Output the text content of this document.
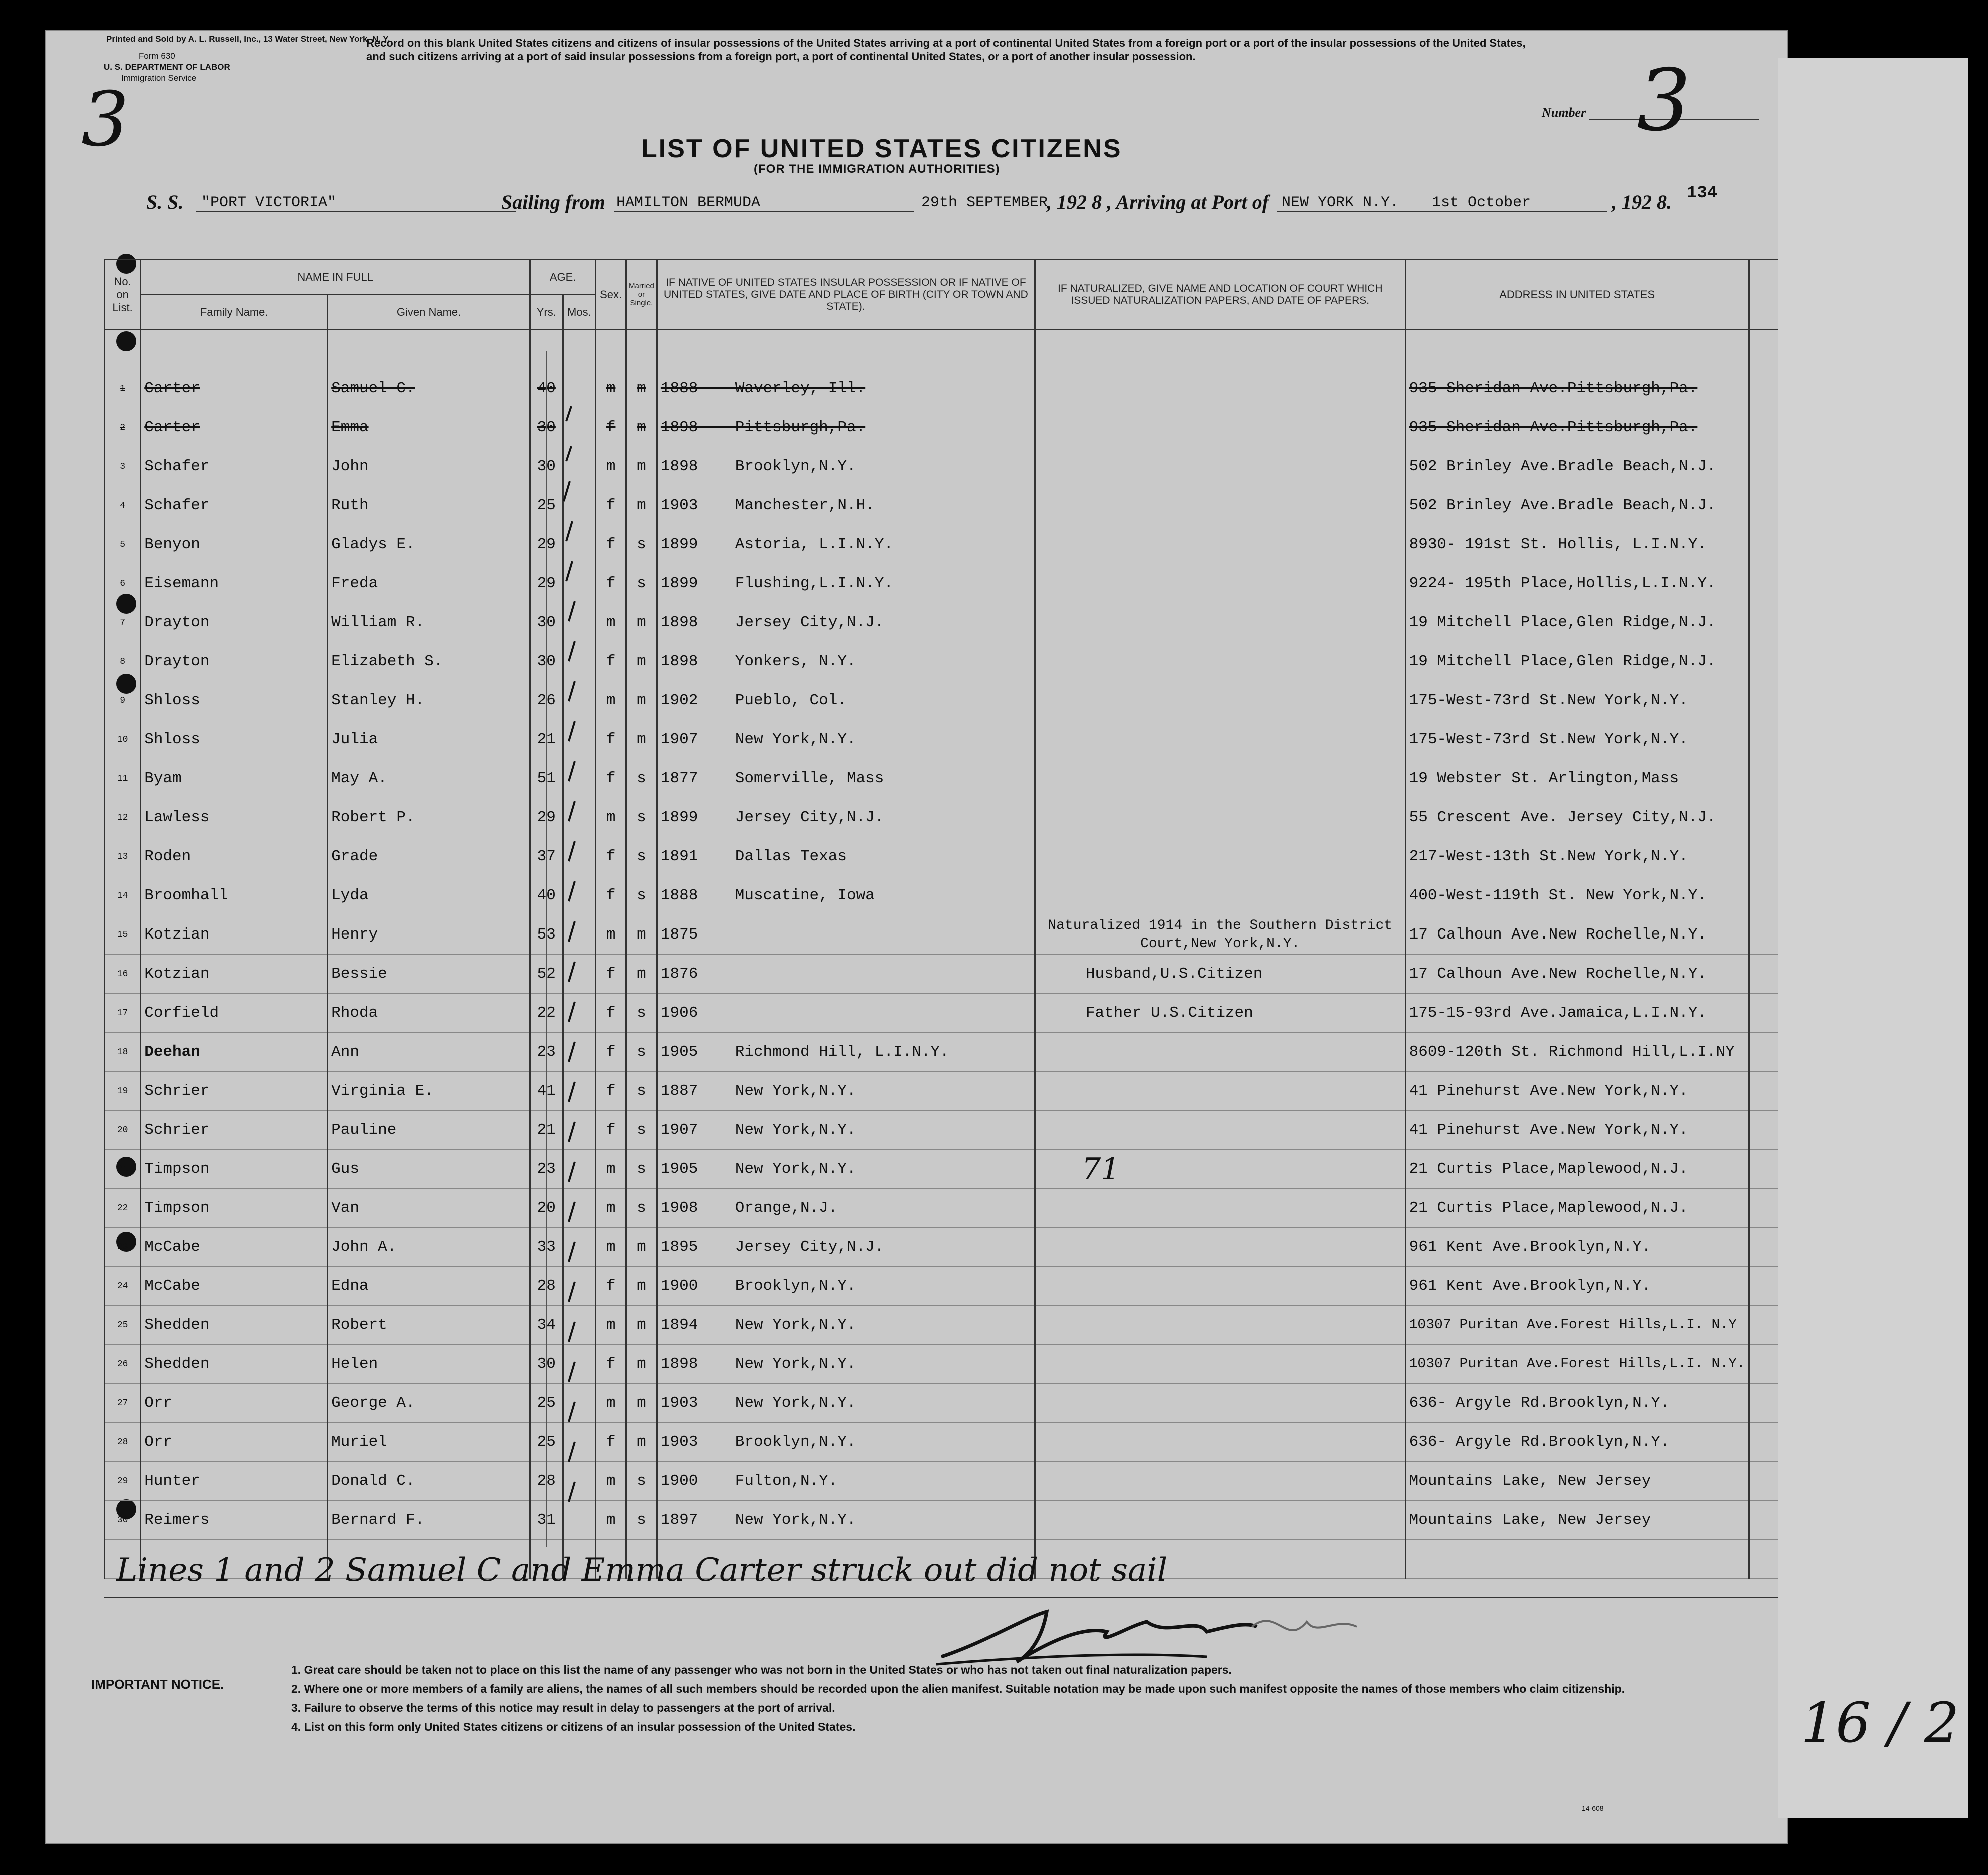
Printed and Sold by A. L. Russell, Inc., 13 Water Street, New York, N. Y.
Form 630
U. S. DEPARTMENT OF LABOR
Immigration Service
3
Record on this blank United States citizens and citizens of insular possessions of the United States arriving at a port of continental United States from a foreign port or a port of the insular possessions of the United States, and such citizens arriving at a port of said insular possessions from a foreign port, a port of continental United States, or a port of another insular possession.
Number 3
LIST OF UNITED STATES CITIZENS
(FOR THE IMMIGRATION AUTHORITIES)
S. S. "PORT VICTORIA"	Sailing from HAMILTON BERMUDA	29th SEPTEMBER
, 192 8 , Arriving at Port of NEW YORK N.Y. 1st October	, 192 8. 134
No. on List.	NAME IN FULL		AGE.		Sex.	Married or Single.	IF NATIVE OF UNITED STATES INSULAR POSSESSION OR IF NATIVE OF UNITED STATES, GIVE DATE AND PLACE OF BIRTH (CITY OR TOWN AND STATE).	IF NATURALIZED, GIVE NAME AND LOCATION OF COURT WHICH ISSUED NATURALIZATION PAPERS, AND DATE OF PAPERS.	ADDRESS IN UNITED STATES	
	Family Name.	Given Name.	Yrs.	Mos.						

1	Carter	Samuel C.	40		m	m	1888 Waverley, Ill.		935 Sheridan Ave.Pittsburgh,Pa.	
2	Carter	Emma	30		f	m	1898 Pittsburgh,Pa.		935 Sheridan Ave.Pittsburgh,Pa.	
3	Schafer	John	30		m	m	1898 Brooklyn,N.Y.		502 Brinley Ave.Bradle Beach,N.J.	
4	Schafer	Ruth	25		f	m	1903 Manchester,N.H.		502 Brinley Ave.Bradle Beach,N.J.	
5	Benyon	Gladys E.	29		f	s	1899 Astoria, L.I.N.Y.		8930- 191st St. Hollis, L.I.N.Y.	
6	Eisemann	Freda	29		f	s	1899 Flushing,L.I.N.Y.		9224- 195th Place,Hollis,L.I.N.Y.	
7	Drayton	William R.	30		m	m	1898 Jersey City,N.J.		19 Mitchell Place,Glen Ridge,N.J.	
8	Drayton	Elizabeth S.	30		f	m	1898 Yonkers, N.Y.		19 Mitchell Place,Glen Ridge,N.J.	
9	Shloss	Stanley H.	26		m	m	1902 Pueblo, Col.		175-West-73rd St.New York,N.Y.	
10	Shloss	Julia	21		f	m	1907 New York,N.Y.		175-West-73rd St.New York,N.Y.	
11	Byam	May A.	51		f	s	1877 Somerville, Mass		19 Webster St. Arlington,Mass	
12	Lawless	Robert P.	29		m	s	1899 Jersey City,N.J.		55 Crescent Ave. Jersey City,N.J.	
13	Roden	Grade	37		f	s	1891 Dallas Texas		217-West-13th St.New York,N.Y.	
14	Broomhall	Lyda	40		f	s	1888 Muscatine, Iowa		400-West-119th St. New York,N.Y.	
15	Kotzian	Henry	53		m	m	1875	Naturalized 1914 in the Southern District Court,New York,N.Y.	17 Calhoun Ave.New Rochelle,N.Y.	
16	Kotzian	Bessie	52		f	m	1876	Husband,U.S.Citizen	17 Calhoun Ave.New Rochelle,N.Y.	
17	Corfield	Rhoda	22		f	s	1906	Father U.S.Citizen	175-15-93rd Ave.Jamaica,L.I.N.Y.	
18	Deehan	Ann	23		f	s	1905 Richmond Hill, L.I.N.Y.		8609-120th St. Richmond Hill,L.I.NY	
19	Schrier	Virginia E.	41		f	s	1887 New York,N.Y.		41 Pinehurst Ave.New York,N.Y.	
20	Schrier	Pauline	21		f	s	1907 New York,N.Y.		41 Pinehurst Ave.New York,N.Y.	
21	Timpson	Gus	23		m	s	1905 New York,N.Y.		21 Curtis Place,Maplewood,N.J.	
22	Timpson	Van	20		m	s	1908 Orange,N.J.		21 Curtis Place,Maplewood,N.J.	
23	McCabe	John A.	33		m	m	1895 Jersey City,N.J.		961 Kent Ave.Brooklyn,N.Y.	
24	McCabe	Edna	28		f	m	1900 Brooklyn,N.Y.		961 Kent Ave.Brooklyn,N.Y.	
25	Shedden	Robert	34		m	m	1894 New York,N.Y.		10307 Puritan Ave.Forest Hills,L.I. N.Y	
26	Shedden	Helen	30		f	m	1898 New York,N.Y.		10307 Puritan Ave.Forest Hills,L.I. N.Y.	
27	Orr	George A.	25		m	m	1903 New York,N.Y.		636- Argyle Rd.Brooklyn,N.Y.	
28	Orr	Muriel	25		f	m	1903 Brooklyn,N.Y.		636- Argyle Rd.Brooklyn,N.Y.	
29	Hunter	Donald C.	28		m	s	1900 Fulton,N.Y.		Mountains Lake, New Jersey	
30	Reimers	Bernard F.	31		m	s	1897 New York,N.Y.		Mountains Lake, New Jersey	

71
Lines 1 and 2 Samuel C and Emma Carter struck out did not sail
IMPORTANT NOTICE.
1. Great care should be taken not to place on this list the name of any passenger who was not born in the United States or who has not taken out final naturalization papers.
2. Where one or more members of a family are aliens, the names of all such members should be recorded upon the alien manifest. Suitable notation may be made upon such manifest opposite the names of those members who claim citizenship.
3. Failure to observe the terms of this notice may result in delay to passengers at the port of arrival.
4. List on this form only United States citizens or citizens of an insular possession of the United States.
14-608
16 / 2
